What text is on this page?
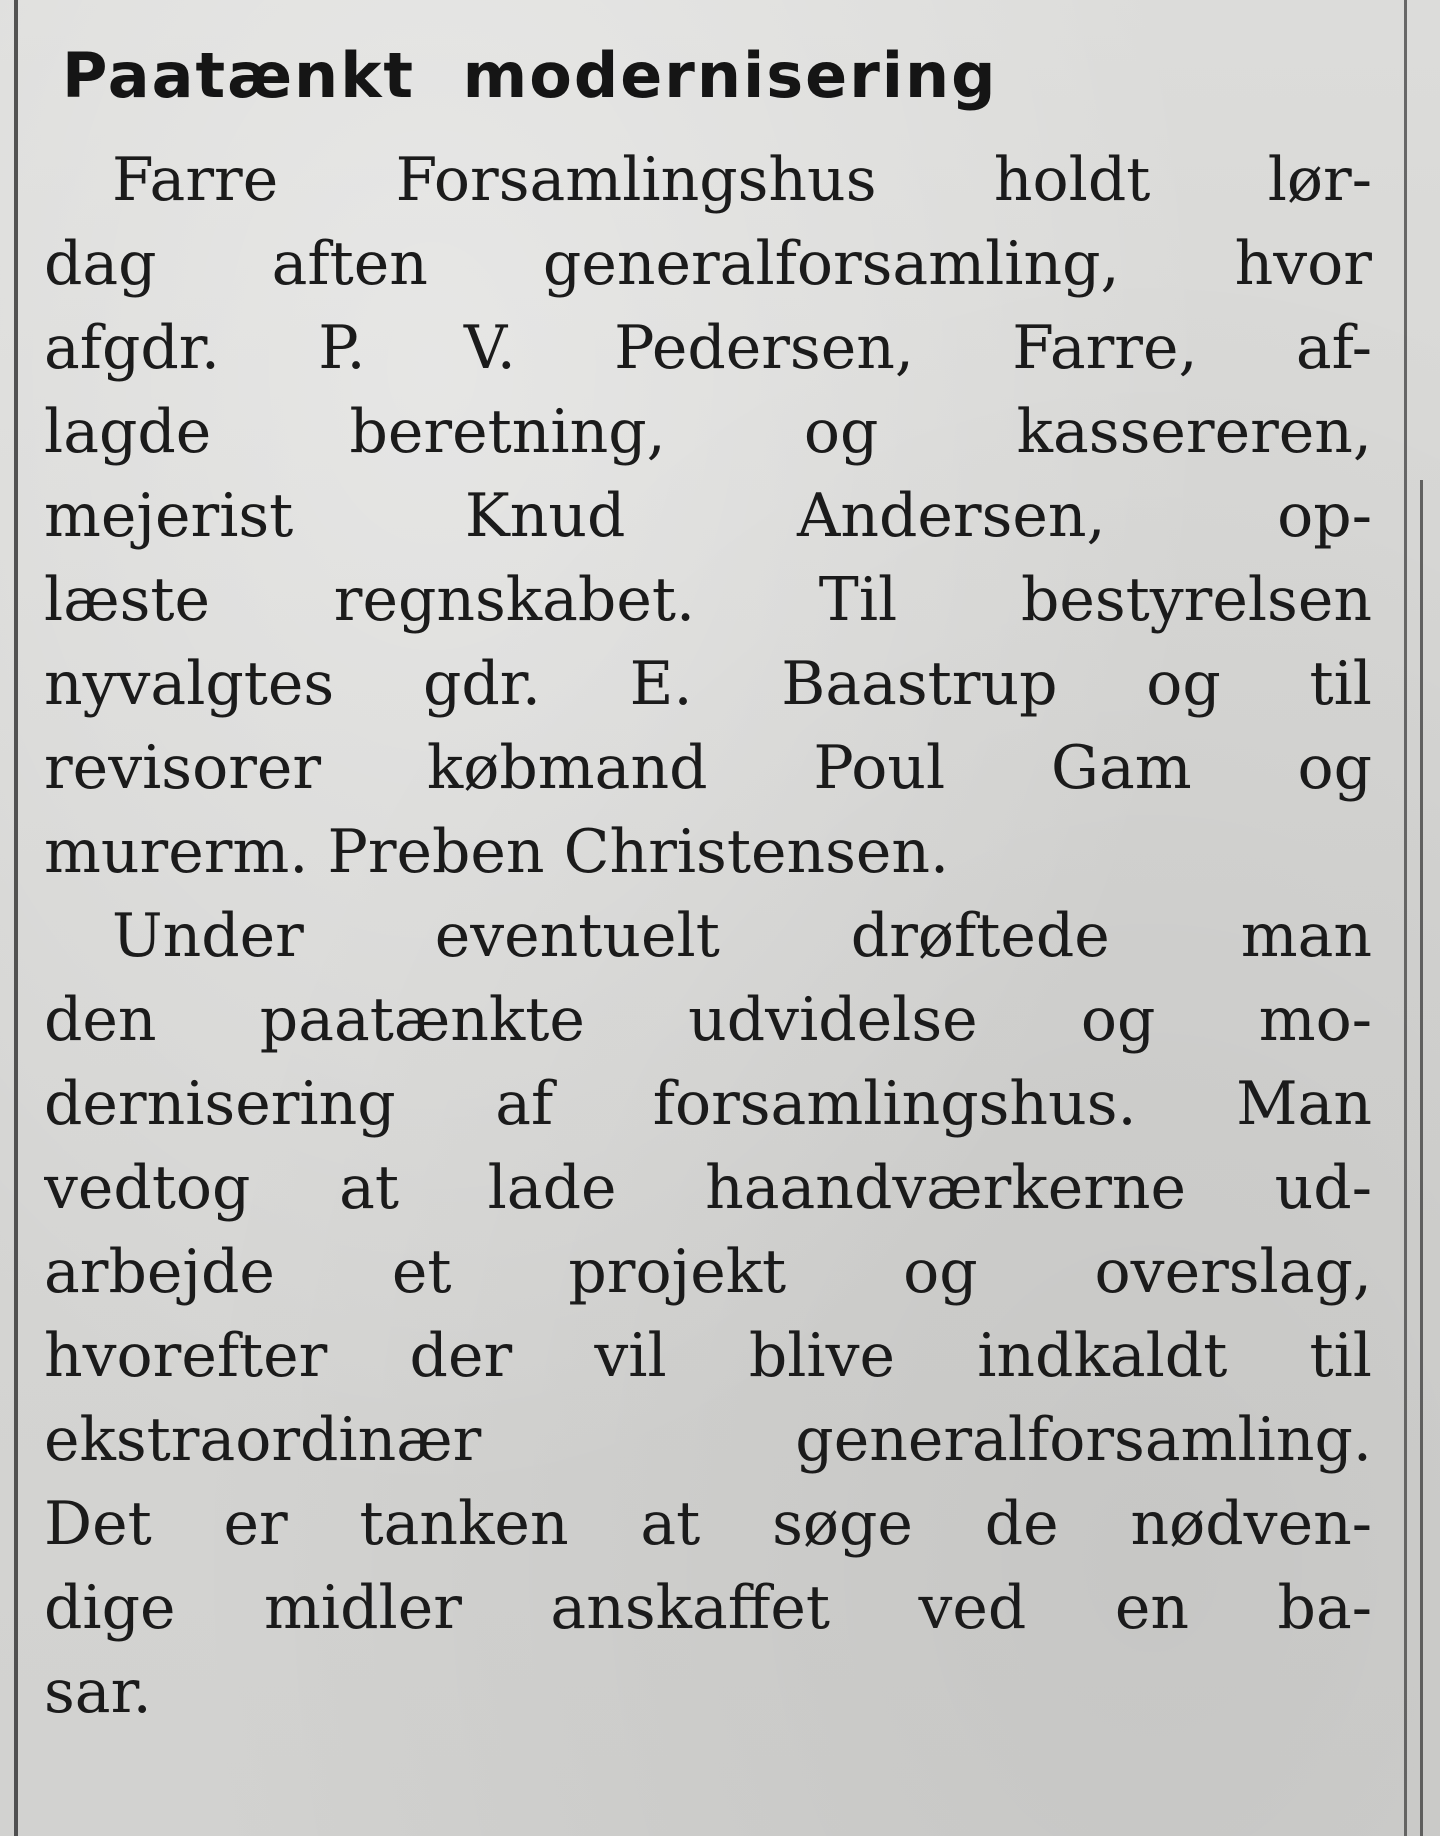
Paatænkt modernisering

Farre Forsamlingshus holdt lør-

dag aften generalforsamling, hvor

afgdr. P. V. Pedersen, Farre, af-

lagde beretning, og kassereren,

mejerist Knud Andersen, op-

læste regnskabet. Til bestyrelsen

nyvalgtes gdr. E. Baastrup og til

revisorer købmand Poul Gam og

murerm. Preben Christensen.

Under eventuelt drøftede man

den paatænkte udvidelse og mo-

dernisering af forsamlingshus. Man

vedtog at lade haandværkerne ud-

arbejde et projekt og overslag,

hvorefter der vil blive indkaldt til

ekstraordinær generalforsamling.

Det er tanken at søge de nødven-

dige midler anskaffet ved en ba-

sar.
